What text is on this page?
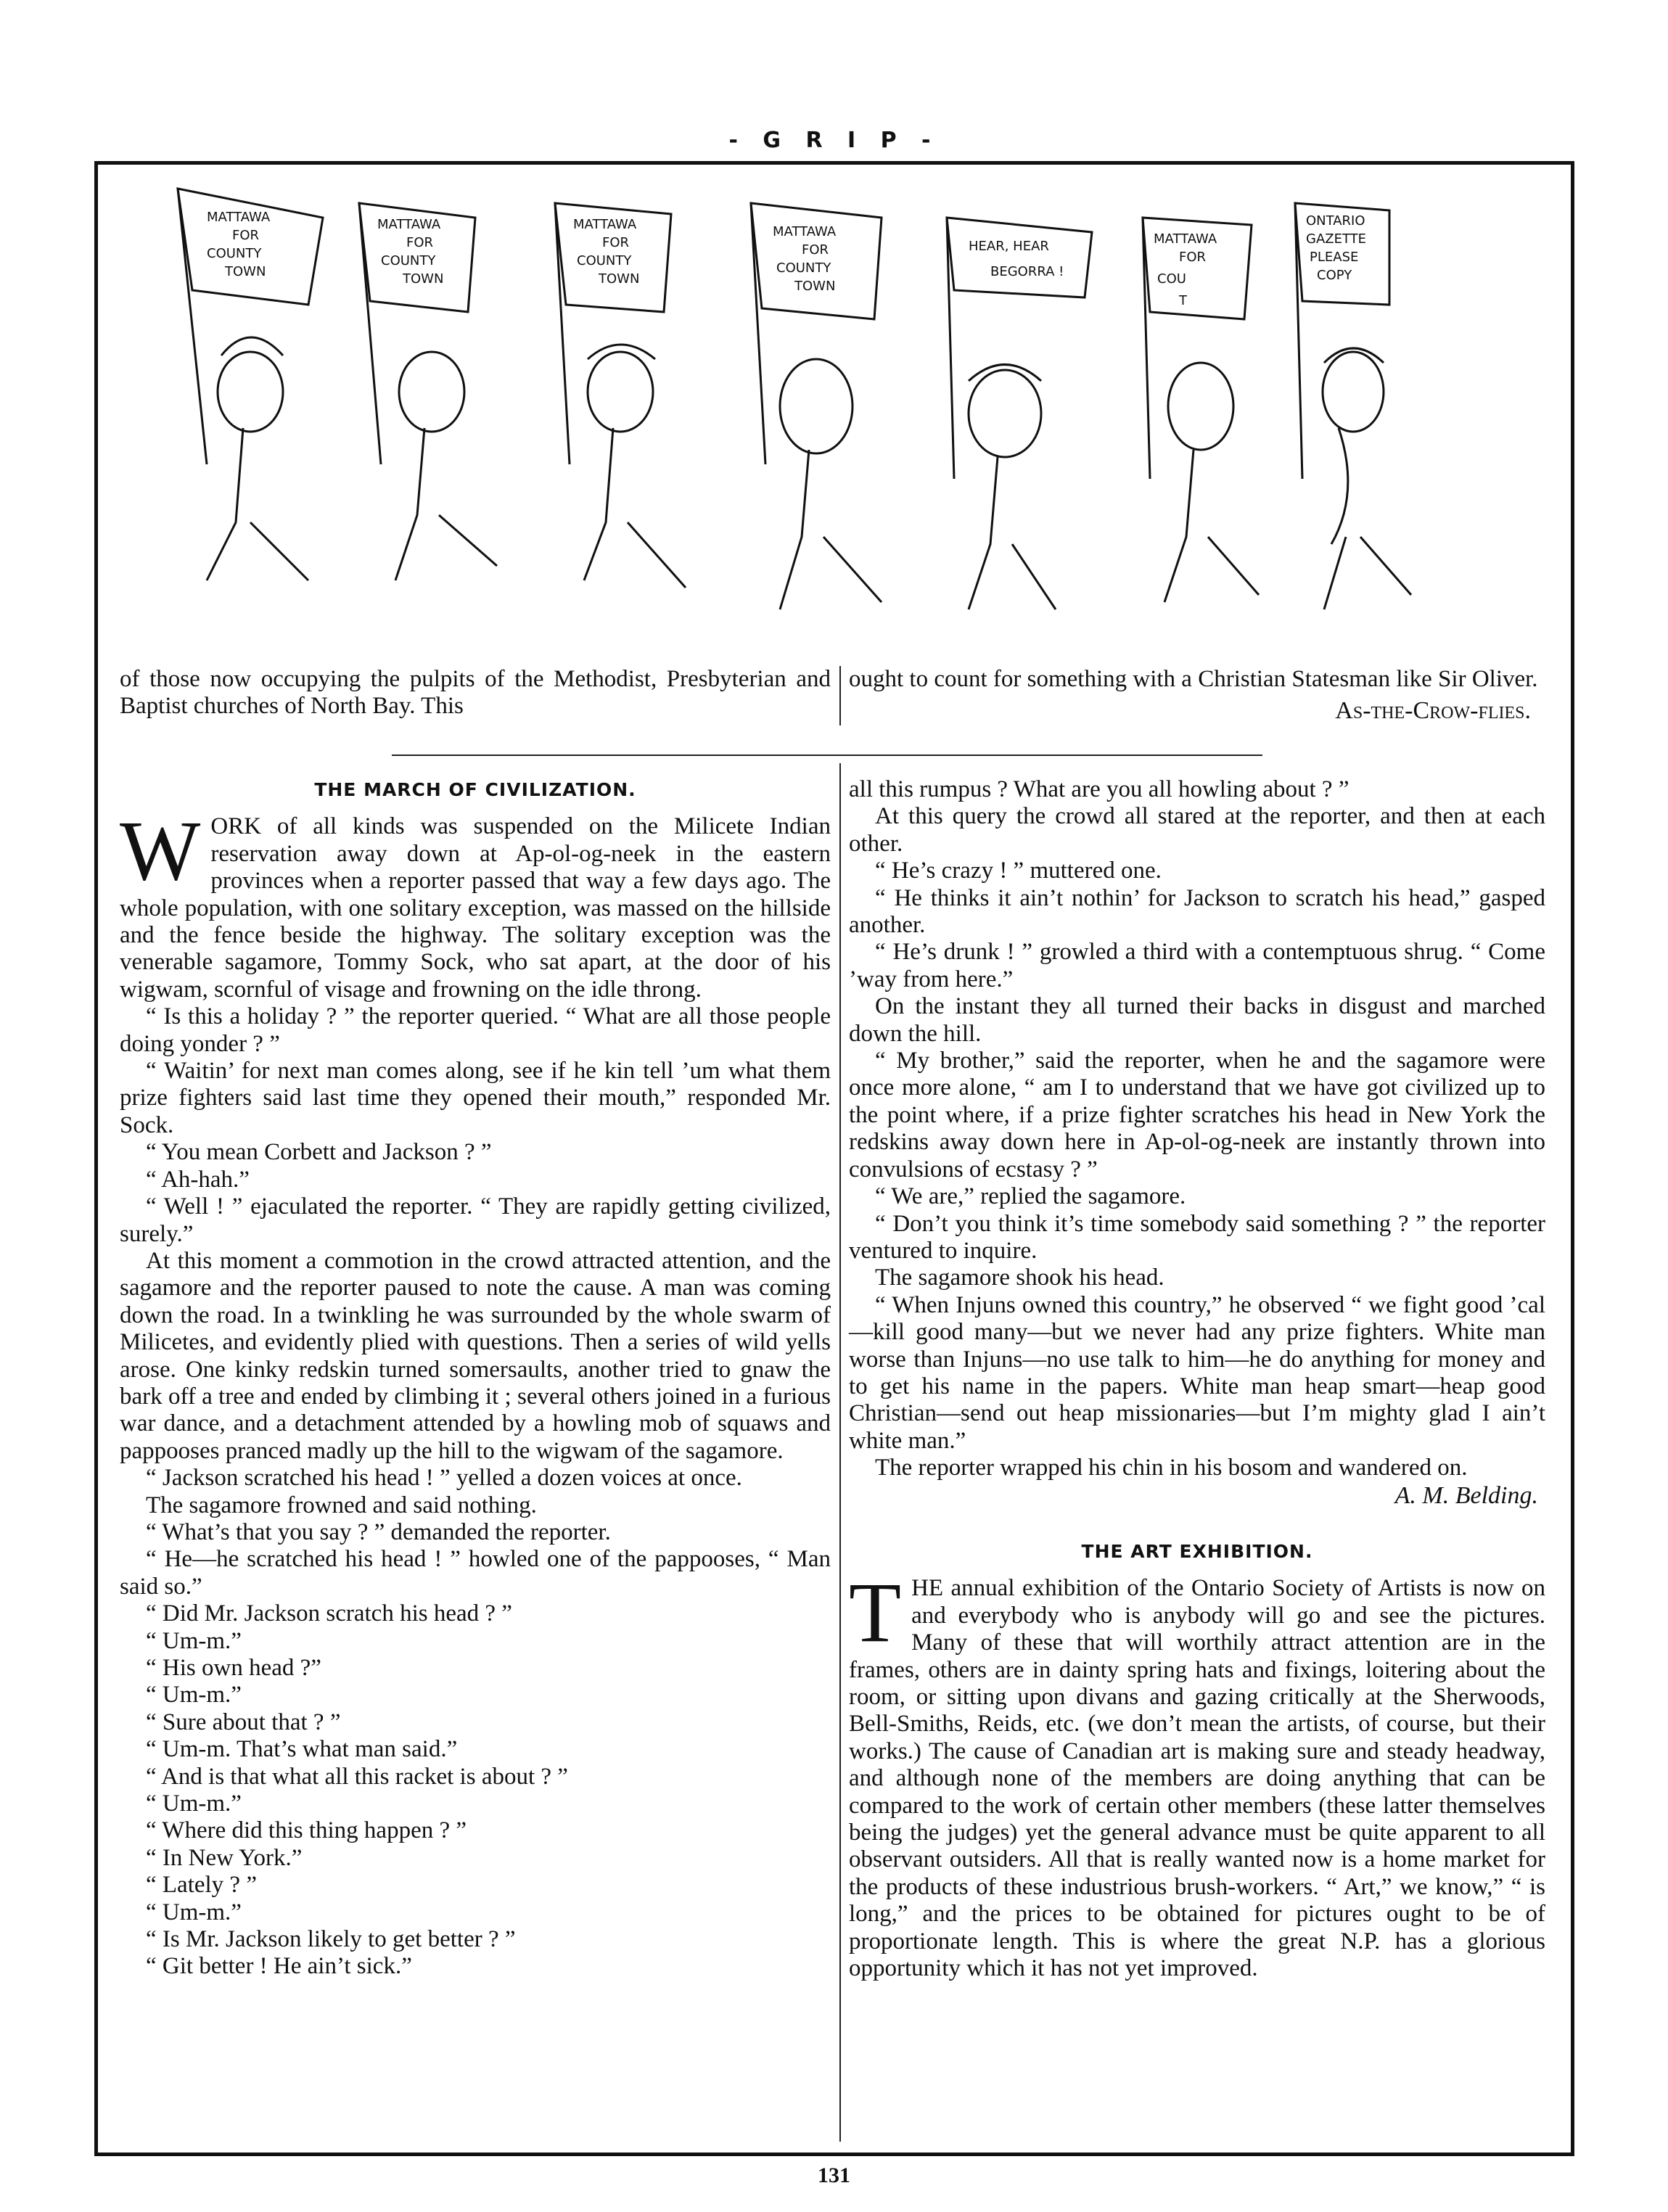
- G R I P -
MATTAWA
FOR
COUNTY
TOWN
MATTAWA
FOR
COUNTY
TOWN
MATTAWA
FOR
COUNTY
TOWN
MATTAWA
FOR
COUNTY
TOWN
HEAR, HEAR
BEGORRA !
MATTAWA
FOR
COU
T
ONTARIO
GAZETTE
PLEASE
COPY

of those now occupying the pulpits of the Methodist, Presbyterian and Baptist churches of North Bay. This

ought to count for something with a Christian Statesman like Sir Oliver.

As-the-Crow-flies.
THE MARCH OF CIVILIZATION.

WORK of all kinds was suspended on the Milicete Indian reservation away down at Ap-ol-og-neek in the eastern provinces when a reporter passed that way a few days ago. The whole population, with one solitary exception, was massed on the hillside and the fence beside the highway. The solitary exception was the venerable sagamore, Tommy Sock, who sat apart, at the door of his wigwam, scornful of visage and frowning on the idle throng.

“ Is this a holiday ? ” the reporter queried. “ What are all those people doing yonder ? ”

“ Waitin’ for next man comes along, see if he kin tell ’um what them prize fighters said last time they opened their mouth,” responded Mr. Sock.

“ You mean Corbett and Jackson ? ”

“ Ah-hah.”

“ Well ! ” ejaculated the reporter. “ They are rapidly getting civilized, surely.”

At this moment a commotion in the crowd attracted attention, and the sagamore and the reporter paused to note the cause. A man was coming down the road. In a twinkling he was surrounded by the whole swarm of Milicetes, and evidently plied with questions. Then a series of wild yells arose. One kinky redskin turned somersaults, another tried to gnaw the bark off a tree and ended by climbing it ; several others joined in a furious war dance, and a detachment attended by a howling mob of squaws and pappooses pranced madly up the hill to the wigwam of the sagamore.

“ Jackson scratched his head ! ” yelled a dozen voices at once.

The sagamore frowned and said nothing.

“ What’s that you say ? ” demanded the reporter.

“ He—he scratched his head ! ” howled one of the pappooses, “ Man said so.”

“ Did Mr. Jackson scratch his head ? ”

“ Um-m.”

“ His own head ?”

“ Um-m.”

“ Sure about that ? ”

“ Um-m. That’s what man said.”

“ And is that what all this racket is about ? ”

“ Um-m.”

“ Where did this thing happen ? ”

“ In New York.”

“ Lately ? ”

“ Um-m.”

“ Is Mr. Jackson likely to get better ? ”

“ Git better ! He ain’t sick.”

all this rumpus ? What are you all howling about ? ”

At this query the crowd all stared at the reporter, and then at each other.

“ He’s crazy ! ” muttered one.

“ He thinks it ain’t nothin’ for Jackson to scratch his head,” gasped another.

“ He’s drunk ! ” growled a third with a contemptuous shrug. “ Come ’way from here.”

On the instant they all turned their backs in disgust and marched down the hill.

“ My brother,” said the reporter, when he and the sagamore were once more alone, “ am I to understand that we have got civilized up to the point where, if a prize fighter scratches his head in New York the redskins away down here in Ap-ol-og-neek are instantly thrown into convulsions of ecstasy ? ”

“ We are,” replied the sagamore.

“ Don’t you think it’s time somebody said something ? ” the reporter ventured to inquire.

The sagamore shook his head.

“ When Injuns owned this country,” he observed “ we fight good ’cal—kill good many—but we never had any prize fighters. White man worse than Injuns—no use talk to him—he do anything for money and to get his name in the papers. White man heap smart—heap good Christian—send out heap missionaries—but I’m mighty glad I ain’t white man.”

The reporter wrapped his chin in his bosom and wandered on.

A. M. Belding.
THE ART EXHIBITION.

THE annual exhibition of the Ontario Society of Artists is now on and everybody who is anybody will go and see the pictures. Many of these that will worthily attract attention are in the frames, others are in dainty spring hats and fixings, loitering about the room, or sitting upon divans and gazing critically at the Sherwoods, Bell-Smiths, Reids, etc. (we don’t mean the artists, of course, but their works.) The cause of Canadian art is making sure and steady headway, and although none of the members are doing anything that can be compared to the work of certain other members (these latter themselves being the judges) yet the general advance must be quite apparent to all observant outsiders. All that is really wanted now is a home market for the products of these industrious brush-workers. “ Art,” we know,” “ is long,” and the prices to be obtained for pictures ought to be of proportionate length. This is where the great N.P. has a glorious opportunity which it has not yet improved.

131
